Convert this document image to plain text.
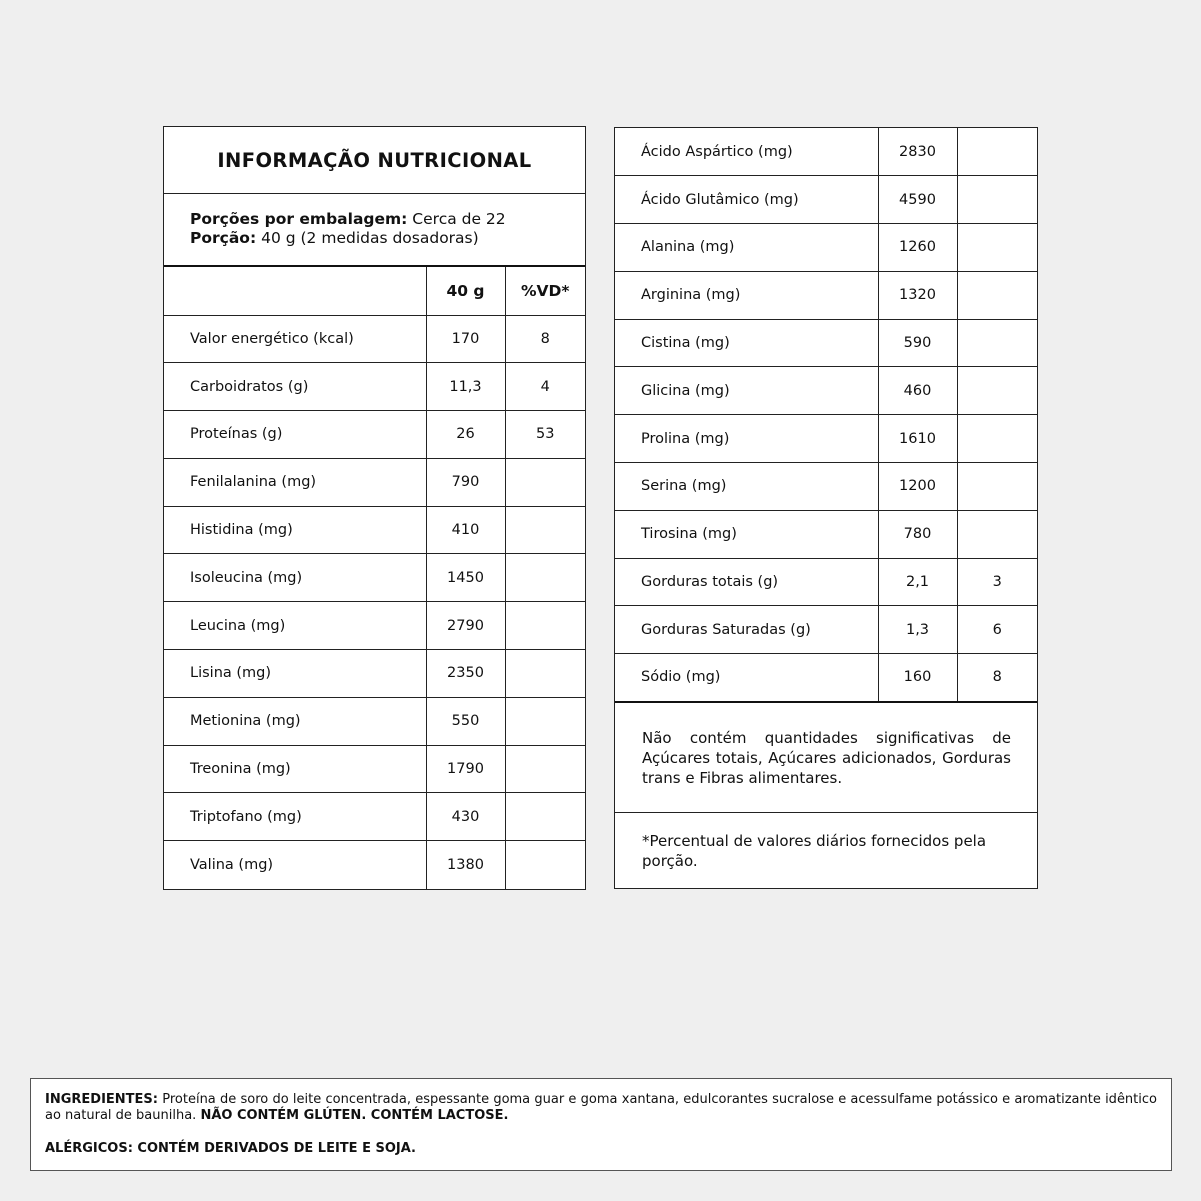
INFORMAÇÃO NUTRICIONAL
Porções por embalagem: Cerca de 22
Porção: 40 g (2 medidas dosadoras)
	40 g	%VD*
Valor energético (kcal)	170	8
Carboidratos (g)	11,3	4
Proteínas (g)	26	53
Fenilalanina (mg)	790	
Histidina (mg)	410	
Isoleucina (mg)	1450	
Leucina (mg)	2790	
Lisina (mg)	2350	
Metionina (mg)	550	
Treonina (mg)	1790	
Triptofano (mg)	430	
Valina (mg)	1380	
Ácido Aspártico (mg)	2830	
Ácido Glutâmico (mg)	4590	
Alanina (mg)	1260	
Arginina (mg)	1320	
Cistina (mg)	590	
Glicina (mg)	460	
Prolina (mg)	1610	
Serina (mg)	1200	
Tirosina (mg)	780	
Gorduras totais (g)	2,1	3
Gorduras Saturadas (g)	1,3	6
Sódio (mg)	160	8
Não contém quantidades significativas de Açúcares totais, Açúcares adicionados, Gorduras trans e Fibras alimentares.
*Percentual de valores diários fornecidos pela porção.
INGREDIENTES: Proteína de soro do leite concentrada, espessante goma guar e goma xantana, edulcorantes sucralose e acessulfame potássico e aromatizante idêntico ao natural de baunilha. NÃO CONTÉM GLÚTEN. CONTÉM LACTOSE.
ALÉRGICOS: CONTÉM DERIVADOS DE LEITE E SOJA.
